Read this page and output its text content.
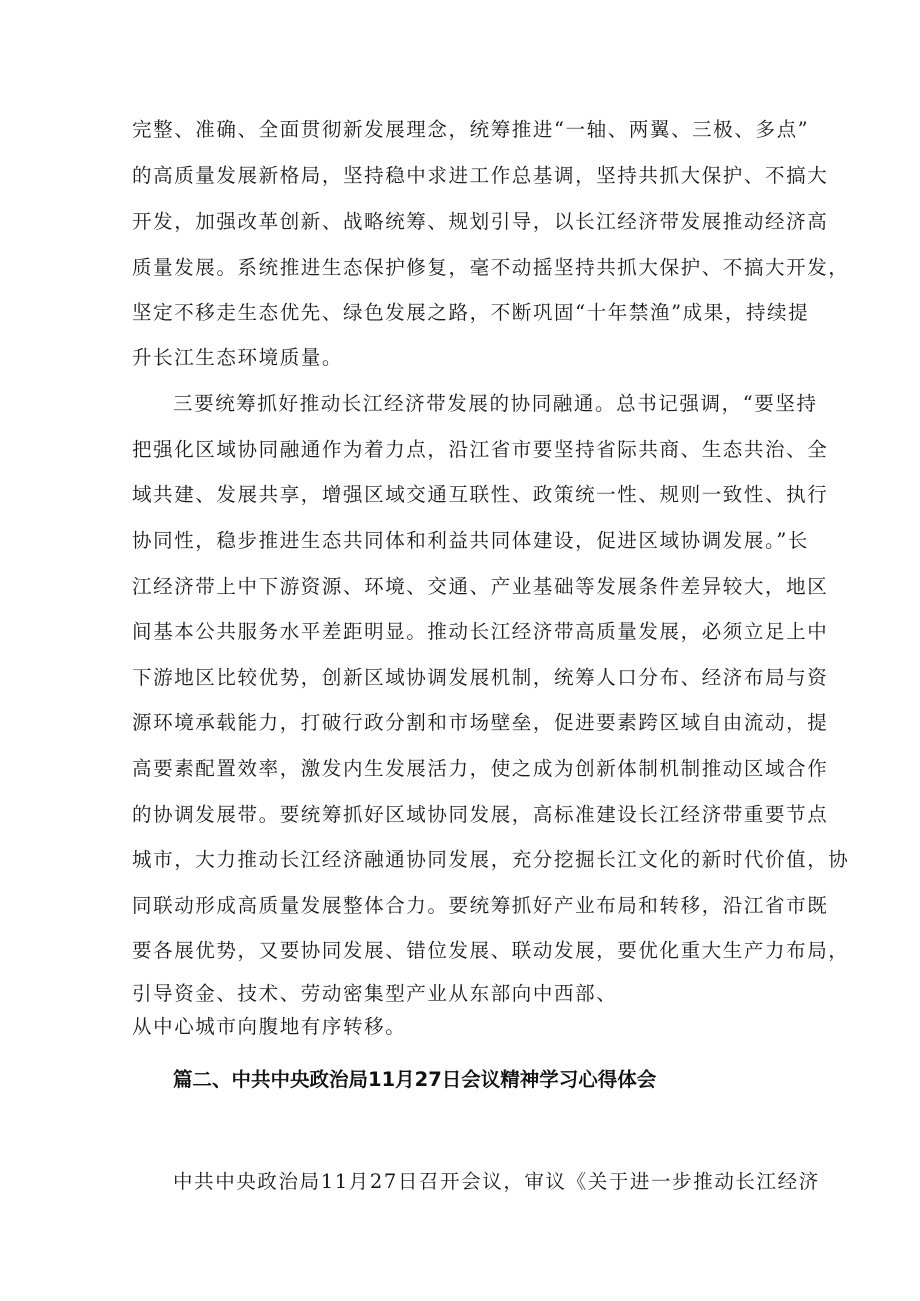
完整、准确、全面贯彻新发展理念，统筹推进“一轴、两翼、三极、多点”
的高质量发展新格局，坚持稳中求进工作总基调，坚持共抓大保护、不搞大
开发，加强改革创新、战略统筹、规划引导，以长江经济带发展推动经济高
质量发展。系统推进生态保护修复，毫不动摇坚持共抓大保护、不搞大开发，
坚定不移走生态优先、绿色发展之路，不断巩固“十年禁渔”成果，持续提
升长江生态环境质量。
三要统筹抓好推动长江经济带发展的协同融通。总书记强调，“要坚持
把强化区域协同融通作为着力点，沿江省市要坚持省际共商、生态共治、全
域共建、发展共享，增强区域交通互联性、政策统一性、规则一致性、执行
协同性，稳步推进生态共同体和利益共同体建设，促进区域协调发展。”长
江经济带上中下游资源、环境、交通、产业基础等发展条件差异较大，地区
间基本公共服务水平差距明显。推动长江经济带高质量发展，必须立足上中
下游地区比较优势，创新区域协调发展机制，统筹人口分布、经济布局与资
源环境承载能力，打破行政分割和市场壁垒，促进要素跨区域自由流动，提
高要素配置效率，激发内生发展活力，使之成为创新体制机制推动区域合作
的协调发展带。要统筹抓好区域协同发展，高标准建设长江经济带重要节点
城市，大力推动长江经济融通协同发展，充分挖掘长江文化的新时代价值，协
同联动形成高质量发展整体合力。要统筹抓好产业布局和转移，沿江省市既
要各展优势，又要协同发展、错位发展、联动发展，要优化重大生产力布局，
引导资金、技术、劳动密集型产业从东部向中西部、
从中心城市向腹地有序转移。
篇二、中共中央政治局11月27日会议精神学习心得体会
中共中央政治局11月27日召开会议，审议《关于进一步推动长江经济
